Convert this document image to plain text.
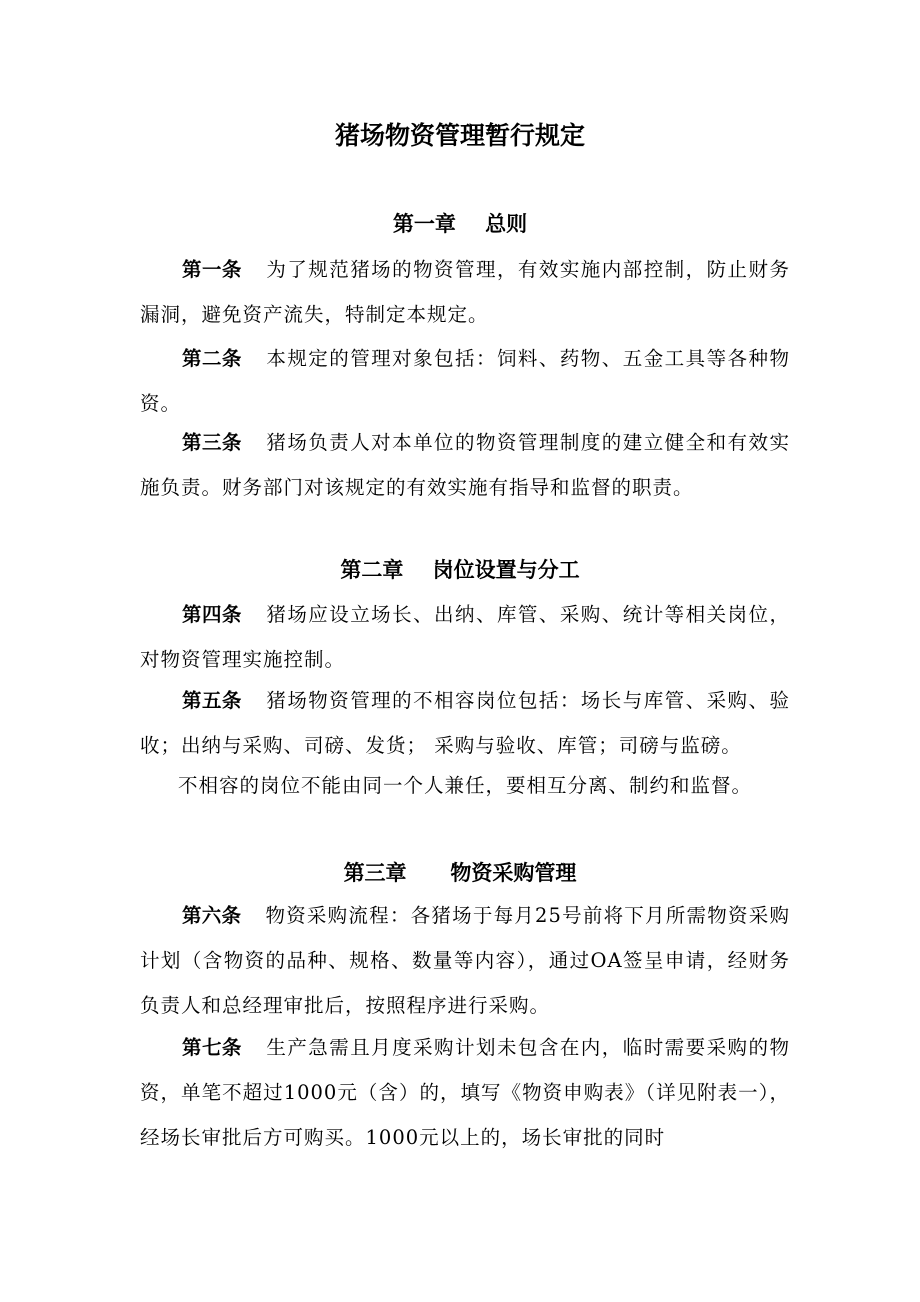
猪场物资管理暂行规定
第一章    总则

第一条 为了规范猪场的物资管理，有效实施内部控制，防止财务漏洞，避免资产流失，特制定本规定。

第二条 本规定的管理对象包括：饲料、药物、五金工具等各种物资。

第三条 猪场负责人对本单位的物资管理制度的建立健全和有效实施负责。财务部门对该规定的有效实施有指导和监督的职责。

第二章    岗位设置与分工

第四条 猪场应设立场长、出纳、库管、采购、统计等相关岗位，对物资管理实施控制。

第五条 猪场物资管理的不相容岗位包括：场长与库管、采购、验收；出纳与采购、司磅、发货； 采购与验收、库管；司磅与监磅。

不相容的岗位不能由同一个人兼任，要相互分离、制约和监督。

第三章      物资采购管理

第六条 物资采购流程：各猪场于每月25号前将下月所需物资采购计划（含物资的品种、规格、数量等内容），通过OA签呈申请，经财务负责人和总经理审批后，按照程序进行采购。

第七条 生产急需且月度采购计划未包含在内，临时需要采购的物资，单笔不超过1000元（含）的，填写《物资申购表》（详见附表一），经场长审批后方可购买。1000元以上的，场长审批的同时
